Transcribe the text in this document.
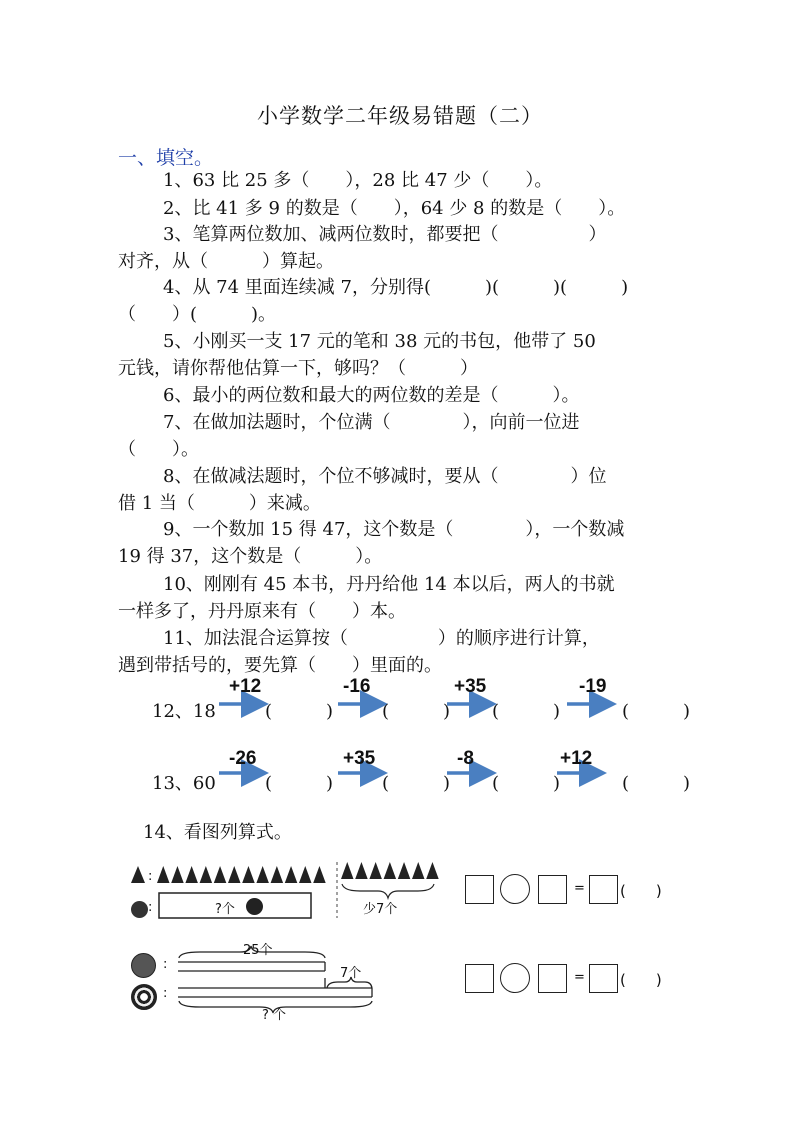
小学数学二年级易错题（二）
一、填空。
1、63 比 25 多（　　），28 比 47 少（　　）。
2、比 41 多 9 的数是（　　），64 少 8 的数是（　　）。
3、笔算两位数加、减两位数时，都要把（　　　　　）
对齐，从（　　　）算起。
4、从 74 里面连续减 7，分别得(　　　)(　　　)(　　　)
（　　）(　　　)。
5、小刚买一支 17 元的笔和 38 元的书包，他带了 50
元钱，请你帮他估算一下，够吗？（　　　）
6、最小的两位数和最大的两位数的差是（　　　）。
7、在做加法题时，个位满（　　　　），向前一位进
（　　）。
8、在做减法题时，个位不够减时，要从（　　　　）位
借 1 当（　　　）来减。
9、一个数加 15 得 47，这个数是（　　　　），一个数减
19 得 37，这个数是（　　　）。
10、刚刚有 45 本书，丹丹给他 14 本以后，两人的书就
一样多了，丹丹原来有（　　）本。
11、加法混合运算按（　　　　　）的顺序进行计算，
遇到带括号的，要先算（　　）里面的。
12、18
+12	-16	+35	-19
(　　　)	(　　　) (　　　)	(　　　)
13、60
-26	+35	-8	+12
(　　　)	(　　　) (　　　)	(　　　)
14、看图列算式。
:
:	?个	少7个
:
:
25个
7个
? 个
= (　　)
= (　　)
